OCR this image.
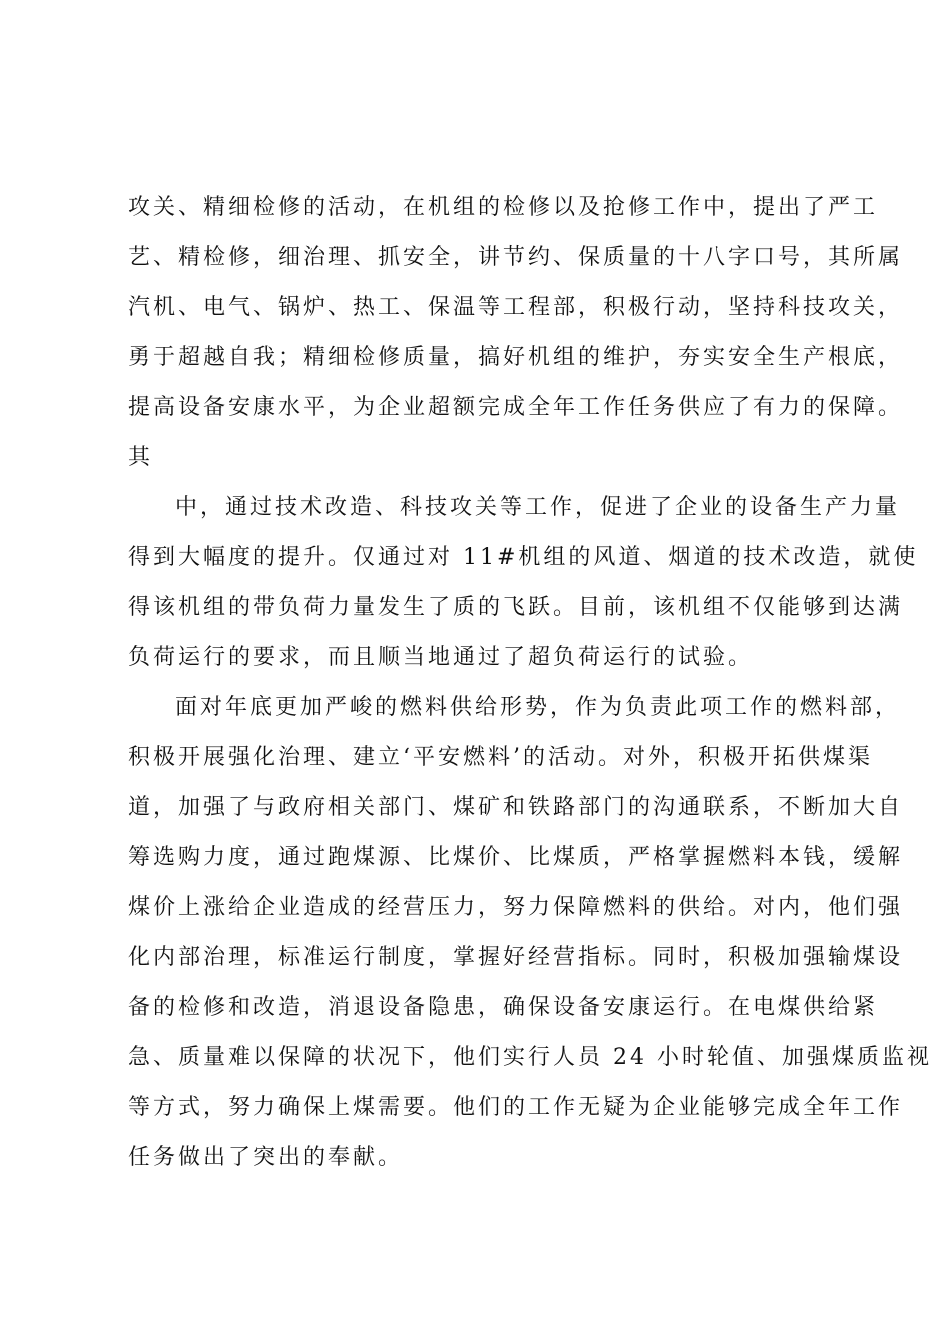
攻关、精细检修的活动，在机组的检修以及抢修工作中，提出了严工
艺、精检修，细治理、抓安全，讲节约、保质量的十八字口号，其所属
汽机、电气、锅炉、热工、保温等工程部，积极行动，坚持科技攻关，
勇于超越自我；精细检修质量，搞好机组的维护，夯实安全生产根底，
提高设备安康水平，为企业超额完成全年工作任务供应了有力的保障。
其

中，通过技术改造、科技攻关等工作，促进了企业的设备生产力量
得到大幅度的提升。仅通过对 11#机组的风道、烟道的技术改造，就使
得该机组的带负荷力量发生了质的飞跃。目前，该机组不仅能够到达满
负荷运行的要求，而且顺当地通过了超负荷运行的试验。

面对年底更加严峻的燃料供给形势，作为负责此项工作的燃料部，
积极开展强化治理、建立‘平安燃料’的活动。对外，积极开拓供煤渠
道，加强了与政府相关部门、煤矿和铁路部门的沟通联系，不断加大自
筹选购力度，通过跑煤源、比煤价、比煤质，严格掌握燃料本钱，缓解
煤价上涨给企业造成的经营压力，努力保障燃料的供给。对内，他们强
化内部治理，标准运行制度，掌握好经营指标。同时，积极加强输煤设
备的检修和改造，消退设备隐患，确保设备安康运行。在电煤供给紧
急、质量难以保障的状况下，他们实行人员 24 小时轮值、加强煤质监视
等方式，努力确保上煤需要。他们的工作无疑为企业能够完成全年工作
任务做出了突出的奉献。
